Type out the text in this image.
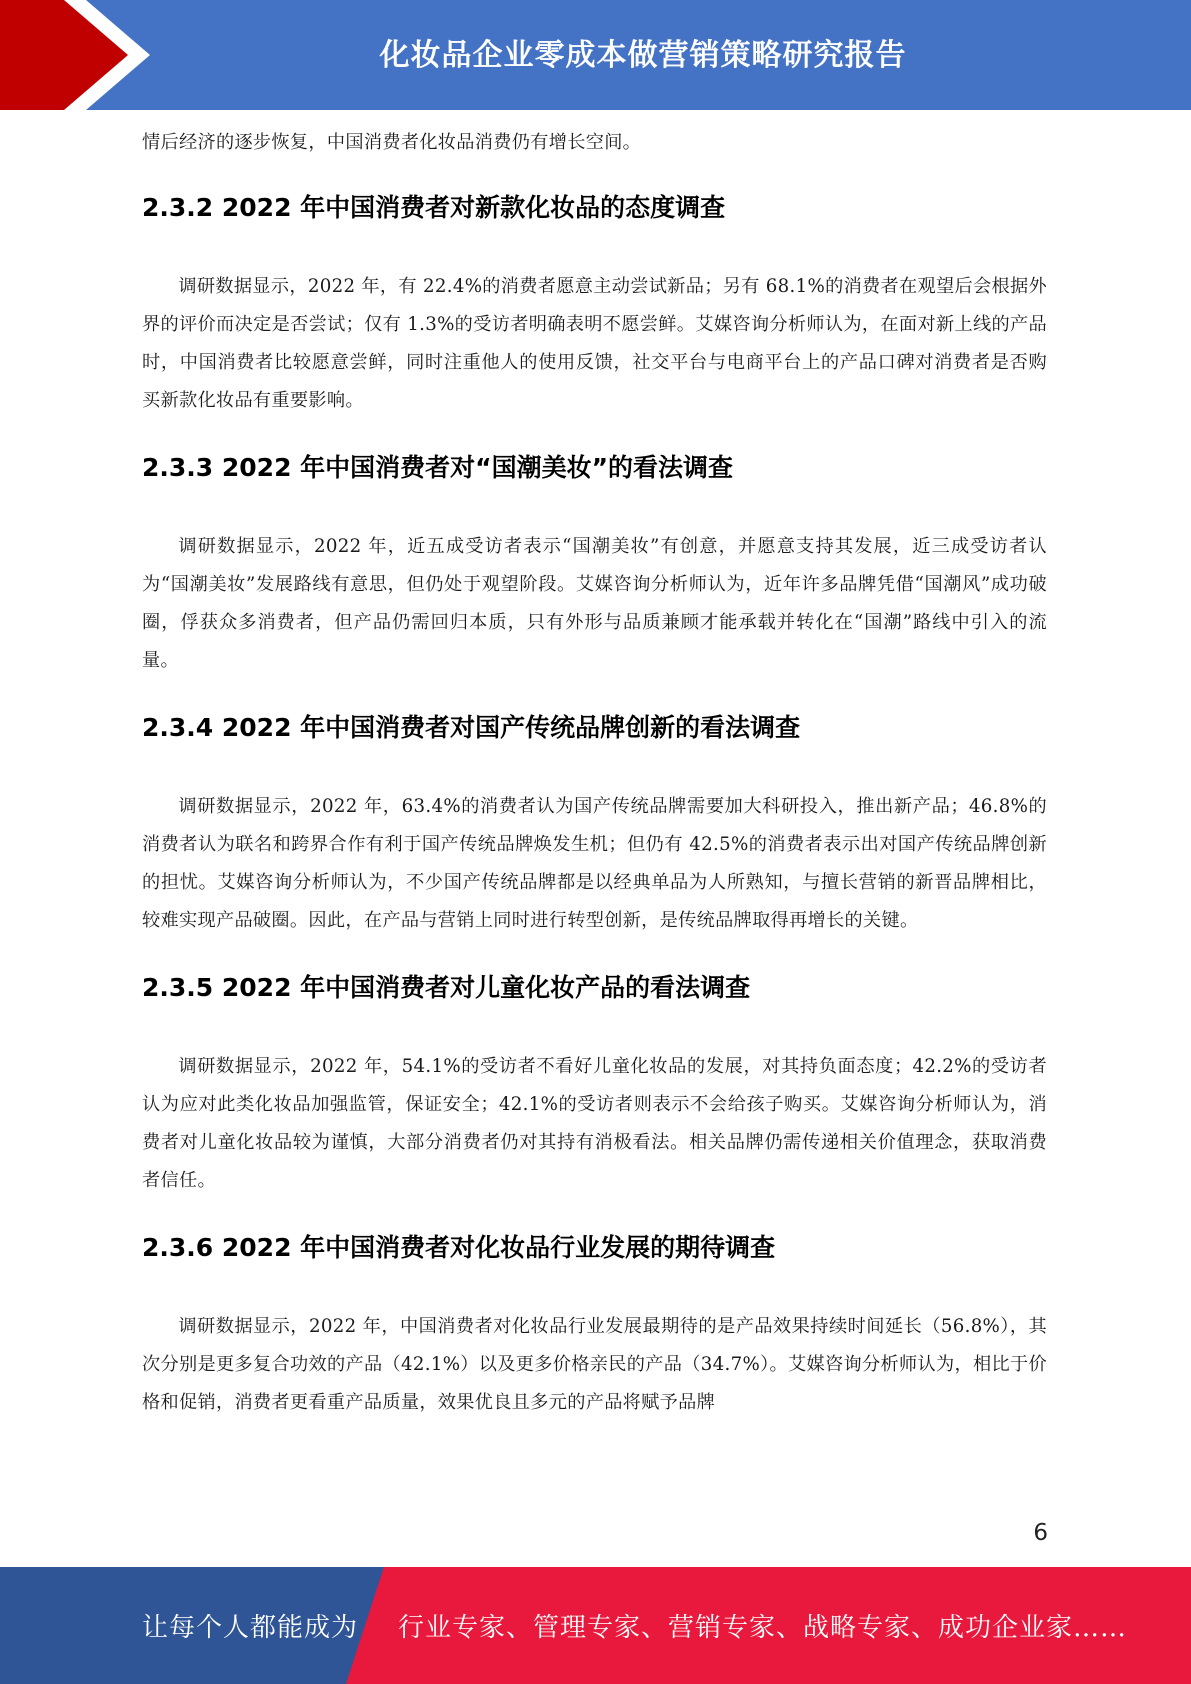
化妆品企业零成本做营销策略研究报告

情后经济的逐步恢复，中国消费者化妆品消费仍有增长空间。

2.3.2 2022 年中国消费者对新款化妆品的态度调查

调研数据显示，2022 年，有 22.4%的消费者愿意主动尝试新品；另有 68.1%的消费者在观望后会根据外界的评价而决定是否尝试；仅有 1.3%的受访者明确表明不愿尝鲜。艾媒咨询分析师认为，在面对新上线的产品时，中国消费者比较愿意尝鲜，同时注重他人的使用反馈，社交平台与电商平台上的产品口碑对消费者是否购买新款化妆品有重要影响。

2.3.3 2022 年中国消费者对“国潮美妆”的看法调查

调研数据显示，2022 年，近五成受访者表示“国潮美妆”有创意，并愿意支持其发展，近三成受访者认为“国潮美妆”发展路线有意思，但仍处于观望阶段。艾媒咨询分析师认为，近年许多品牌凭借“国潮风”成功破圈，俘获众多消费者，但产品仍需回归本质，只有外形与品质兼顾才能承载并转化在“国潮”路线中引入的流量。

2.3.4 2022 年中国消费者对国产传统品牌创新的看法调查

调研数据显示，2022 年，63.4%的消费者认为国产传统品牌需要加大科研投入，推出新产品；46.8%的消费者认为联名和跨界合作有利于国产传统品牌焕发生机；但仍有 42.5%的消费者表示出对国产传统品牌创新的担忧。艾媒咨询分析师认为，不少国产传统品牌都是以经典单品为人所熟知，与擅长营销的新晋品牌相比，较难实现产品破圈。因此，在产品与营销上同时进行转型创新，是传统品牌取得再增长的关键。

2.3.5 2022 年中国消费者对儿童化妆产品的看法调查

调研数据显示，2022 年，54.1%的受访者不看好儿童化妆品的发展，对其持负面态度；42.2%的受访者认为应对此类化妆品加强监管，保证安全；42.1%的受访者则表示不会给孩子购买。艾媒咨询分析师认为，消费者对儿童化妆品较为谨慎，大部分消费者仍对其持有消极看法。相关品牌仍需传递相关价值理念，获取消费者信任。

2.3.6 2022 年中国消费者对化妆品行业发展的期待调查

调研数据显示，2022 年，中国消费者对化妆品行业发展最期待的是产品效果持续时间延长（56.8%），其次分别是更多复合功效的产品（42.1%）以及更多价格亲民的产品（34.7%）。艾媒咨询分析师认为，相比于价格和促销，消费者更看重产品质量，效果优良且多元的产品将赋予品牌

6
让每个人都能成为 行业专家、管理专家、营销专家、战略专家、成功企业家……
